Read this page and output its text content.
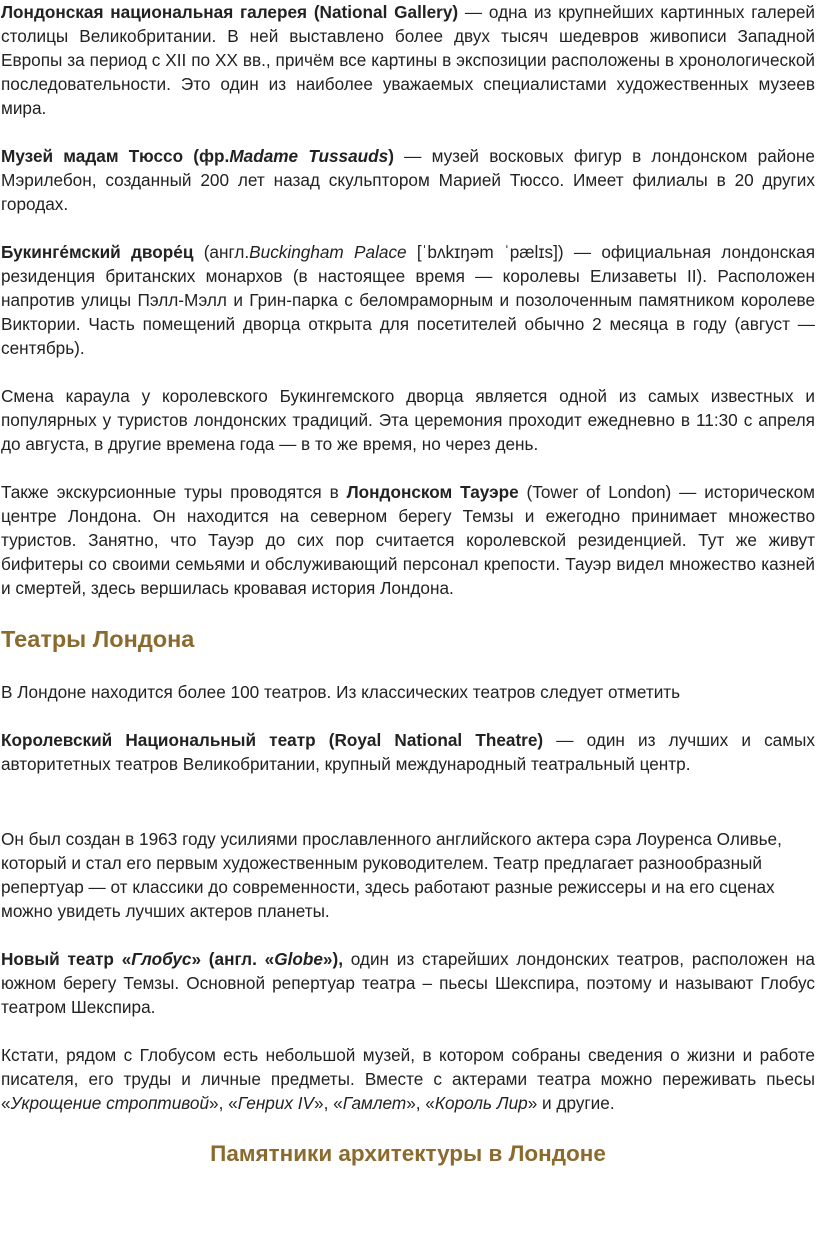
Лондонская национальная галерея (National Gallery) — одна из крупнейших картинных галерей столицы Великобритании. В ней выставлено более двух тысяч шедевров живописи Западной Европы за период с XII по XX вв., причём все картины в экспозиции расположены в хронологической последовательности. Это один из наиболее уважаемых специалистами художественных музеев мира.

Музей мадам Тюссо (фр.Madame Tussauds) — музей восковых фигур в лондонском районе Мэрилебон, созданный 200 лет назад скульптором Марией Тюссо. Имеет филиалы в 20 других городах.

Букинге́мский дворе́ц (англ.Buckingham Palace [ˈbʌkɪŋəm ˈpælɪs]) — официальная лондонская резиденция британских монархов (в настоящее время — королевы Елизаветы II). Расположен напротив улицы Пэлл-Мэлл и Грин-парка с беломраморным и позолоченным памятником королеве Виктории. Часть помещений дворца открыта для посетителей обычно 2 месяца в году (август — сентябрь).

Смена караула у королевского Букингемского дворца является одной из самых известных и популярных у туристов лондонских традиций. Эта церемония проходит ежедневно в 11:30 с апреля до августа, в другие времена года — в то же время, но через день.

Также экскурсионные туры проводятся в Лондонском Тауэре (Tower of London) — историческом центре Лондона. Он находится на северном берегу Темзы и ежегодно принимает множество туристов. Занятно, что Тауэр до сих пор считается королевской резиденцией. Тут же живут бифитеры со своими семьями и обслуживающий персонал крепости. Тауэр видел множество казней и смертей, здесь вершилась кровавая история Лондона.

Театры Лондона

В Лондоне находится более 100 театров. Из классических театров следует отметить

Королевский Национальный театр (Royal National Theatre) — один из лучших и самых авторитетных театров Великобритании, крупный международный театральный центр.

Он был создан в 1963 году усилиями прославленного английского актера сэра Лоуренса Оливье, который и стал его первым художественным руководителем. Театр предлагает разнообразный репертуар — от классики до современности, здесь работают разные режиссеры и на его сценах можно увидеть лучших актеров планеты.

Новый театр «Глобус» (англ. «Globe»), один из старейших лондонских театров, расположен на южном берегу Темзы. Основной репертуар театра – пьесы Шекспира, поэтому и называют Глобус театром Шекспира.

Кстати, рядом с Глобусом есть небольшой музей, в котором собраны сведения о жизни и работе писателя, его труды и личные предметы. Вместе с актерами театра можно переживать пьесы «Укрощение строптивой», «Генрих IV», «Гамлет», «Король Лир» и другие.

Памятники архитектуры в Лондоне
